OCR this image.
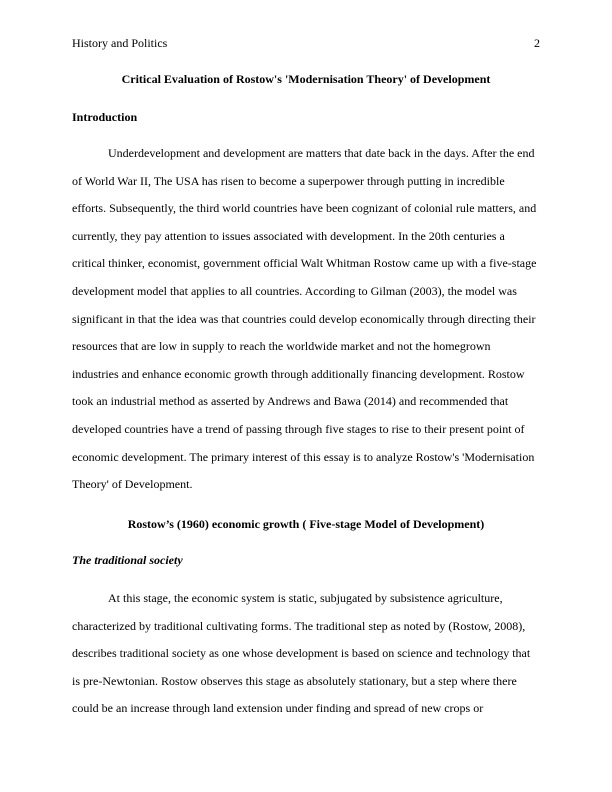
History and Politics	2
Critical Evaluation of Rostow's 'Modernisation Theory' of Development
Introduction
Underdevelopment and development are matters that date back in the days. After the end
of World War II, The USA has risen to become a superpower through putting in incredible
efforts. Subsequently, the third world countries have been cognizant of colonial rule matters, and
currently, they pay attention to issues associated with development. In the 20th centuries a
critical thinker, economist, government official Walt Whitman Rostow came up with a five-stage
development model that applies to all countries. According to Gilman (2003), the model was
significant in that the idea was that countries could develop economically through directing their
resources that are low in supply to reach the worldwide market and not the homegrown
industries and enhance economic growth through additionally financing development. Rostow
took an industrial method as asserted by Andrews and Bawa (2014) and recommended that
developed countries have a trend of passing through five stages to rise to their present point of
economic development. The primary interest of this essay is to analyze Rostow's 'Modernisation
Theory' of Development.
Rostow’s (1960) economic growth ( Five-stage Model of Development)
The traditional society
At this stage, the economic system is static, subjugated by subsistence agriculture,
characterized by traditional cultivating forms. The traditional step as noted by (Rostow, 2008),
describes traditional society as one whose development is based on science and technology that
is pre-Newtonian. Rostow observes this stage as absolutely stationary, but a step where there
could be an increase through land extension under finding and spread of new crops or
